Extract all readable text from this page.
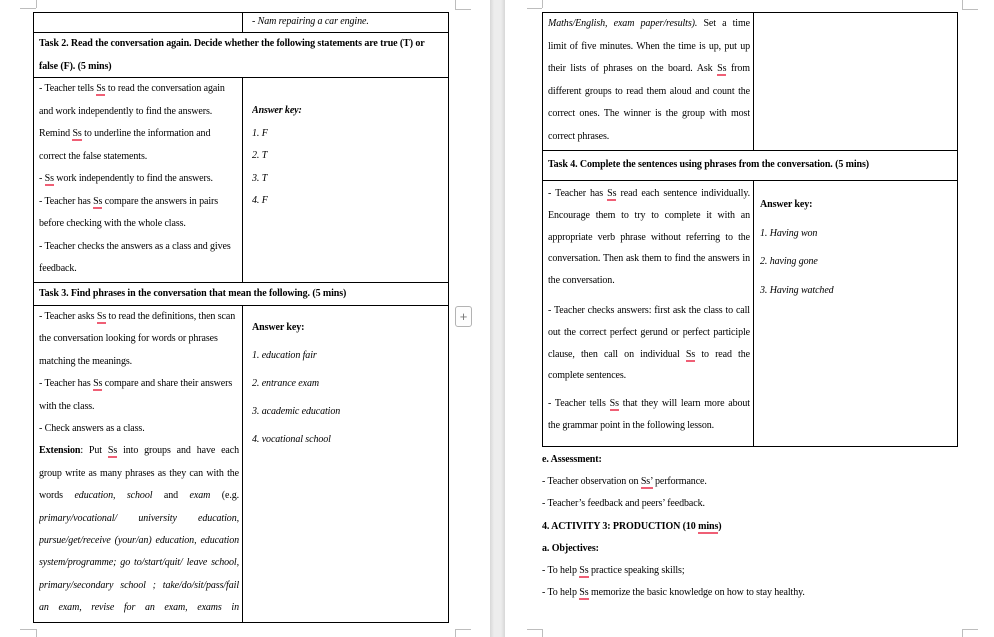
- Nam repairing a car engine.
Task 2. Read the conversation again. Decide whether the following statements are true (T) or
false (F). (5 mins)
- Teacher tells Ss to read the conversation again
and work independently to find the answers.
Remind Ss to underline the information and
correct the false statements.
- Ss work independently to find the answers.
- Teacher has Ss compare the answers in pairs
before checking with the whole class.
- Teacher checks the answers as a class and gives
feedback.
Answer key:
1. F
2. T
3. T
4. F
Task 3. Find phrases in the conversation that mean the following. (5 mins)
- Teacher asks Ss to read the definitions, then scan
the conversation looking for words or phrases
matching the meanings.
- Teacher has Ss compare and share their answers
with the class.
- Check answers as a class.
Extension: Put Ss into groups and have each
group write as many phrases as they can with the
words education, school and exam (e.g.
primary/vocational/ university education,
pursue/get/receive (your/an) education, education
system/programme; go to/start/quit/ leave school,
primary/secondary school ; take/do/sit/pass/fail
an exam, revise for an exam, exams in
Answer key:
1. education fair
2. entrance exam
3. academic education
4. vocational school
Maths/English, exam paper/results). Set a time
limit of five minutes. When the time is up, put up
their lists of phrases on the board. Ask Ss from
different groups to read them aloud and count the
correct ones. The winner is the group with most
correct phrases.
Task 4. Complete the sentences using phrases from the conversation. (5 mins)
- Teacher has Ss read each sentence individually.
Encourage them to try to complete it with an
appropriate verb phrase without referring to the
conversation. Then ask them to find the answers in
the conversation.
- Teacher checks answers: first ask the class to call
out the correct perfect gerund or perfect participle
clause, then call on individual Ss to read the
complete sentences.
- Teacher tells Ss that they will learn more about
the grammar point in the following lesson.
Answer key:
1. Having won
2. having gone
3. Having watched
e. Assessment:
- Teacher observation on Ss’ performance.
- Teacher’s feedback and peers’ feedback.
4. ACTIVITY 3: PRODUCTION (10 mins)
a. Objectives:
- To help Ss practice speaking skills;
- To help Ss memorize the basic knowledge on how to stay healthy.
+
